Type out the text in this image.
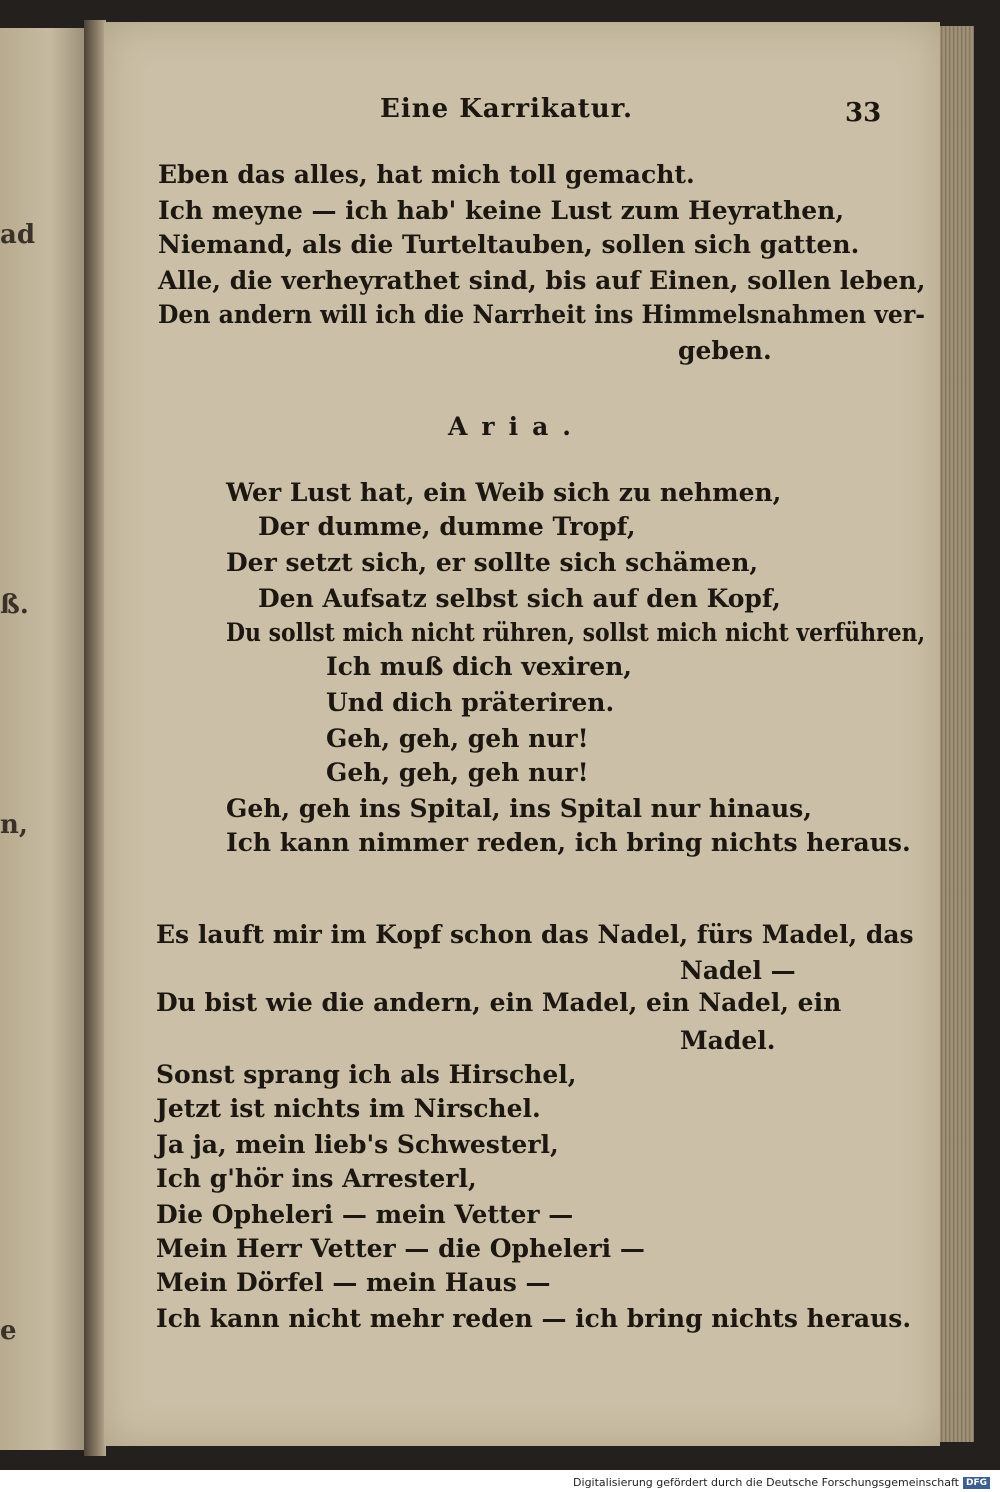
ad
ß.
n,
e
Eine Karrikatur.	33
Eben das alles, hat mich toll gemacht.
Ich meyne — ich hab' keine Lust zum Heyrathen,
Niemand, als die Turteltauben, sollen sich gatten.
Alle, die verheyrathet sind, bis auf Einen, sollen leben,
Den andern will ich die Narrheit ins Himmelsnahmen ver-
geben.
Aria.
Wer Lust hat, ein Weib sich zu nehmen,
Der dumme, dumme Tropf,
Der setzt sich, er sollte sich schämen,
Den Aufsatz selbst sich auf den Kopf,
Du sollst mich nicht rühren, sollst mich nicht verführen,
Ich muß dich vexiren,
Und dich präteriren.
Geh, geh, geh nur!
Geh, geh, geh nur!
Geh, geh ins Spital, ins Spital nur hinaus,
Ich kann nimmer reden, ich bring nichts heraus.
Es lauft mir im Kopf schon das Nadel, fürs Madel, das
Nadel —
Du bist wie die andern, ein Madel, ein Nadel, ein
Madel.
Sonst sprang ich als Hirschel,
Jetzt ist nichts im Nirschel.
Ja ja, mein lieb's Schwesterl,
Ich g'hör ins Arresterl,
Die Opheleri — mein Vetter —
Mein Herr Vetter — die Opheleri —
Mein Dörfel — mein Haus —
Ich kann nicht mehr reden — ich bring nichts heraus.
Digitalisierung gefördert durch die Deutsche Forschungsgemeinschaft DFG
